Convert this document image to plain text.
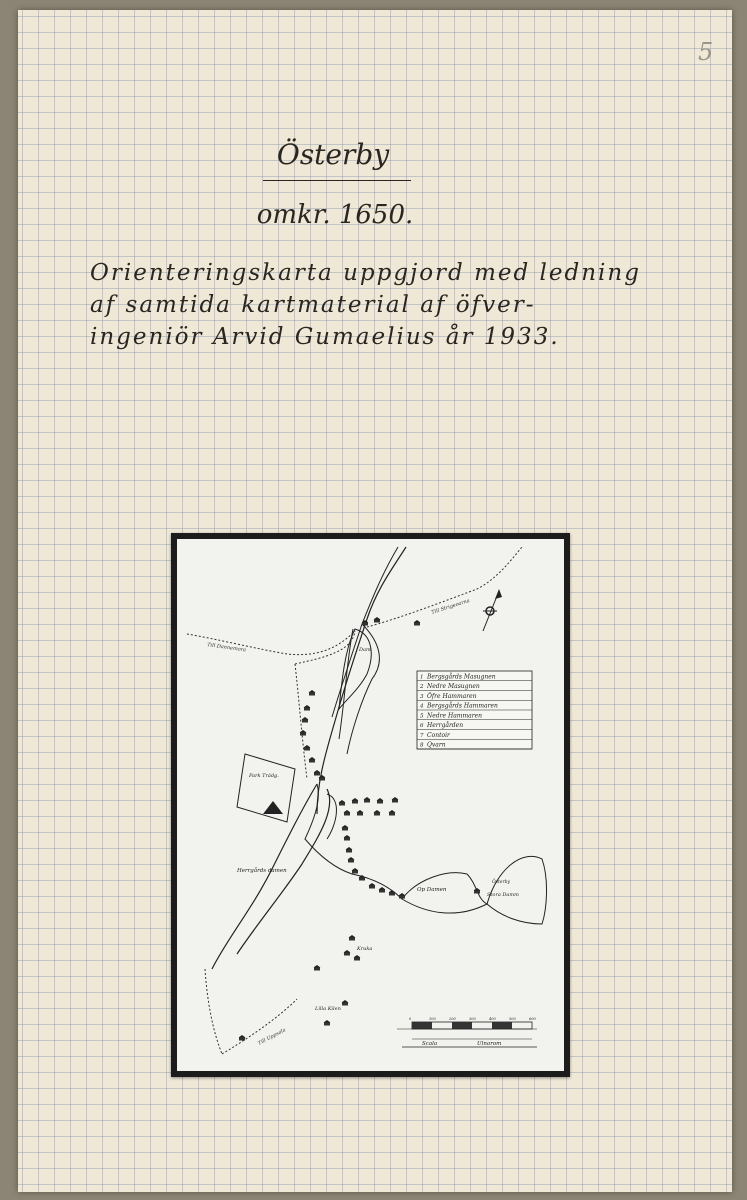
5
Österby
omkr. 1650.
Orienteringskarta uppgjord med ledning
af samtida kartmaterial af öfver-
ingeniör Arvid Gumaelius år 1933.
Park Trädg.
1 Bergsgårds Masugnen
2 Nedre Masugnen
3 Öfre Hammaren
4 Bergsgårds Hammaren
5 Nedre Hammaren
6 Herrgården
7 Contoir
8 Qvarn
Till Dannemora
Till Strigeoarna
Dam
Herrgårds damen
Op Damen
Österby
Stora Damm
Kruka
Lilla Kilen
Till Uppsala
0	100	200	300	400	500	600
Scala	Ulnarom
